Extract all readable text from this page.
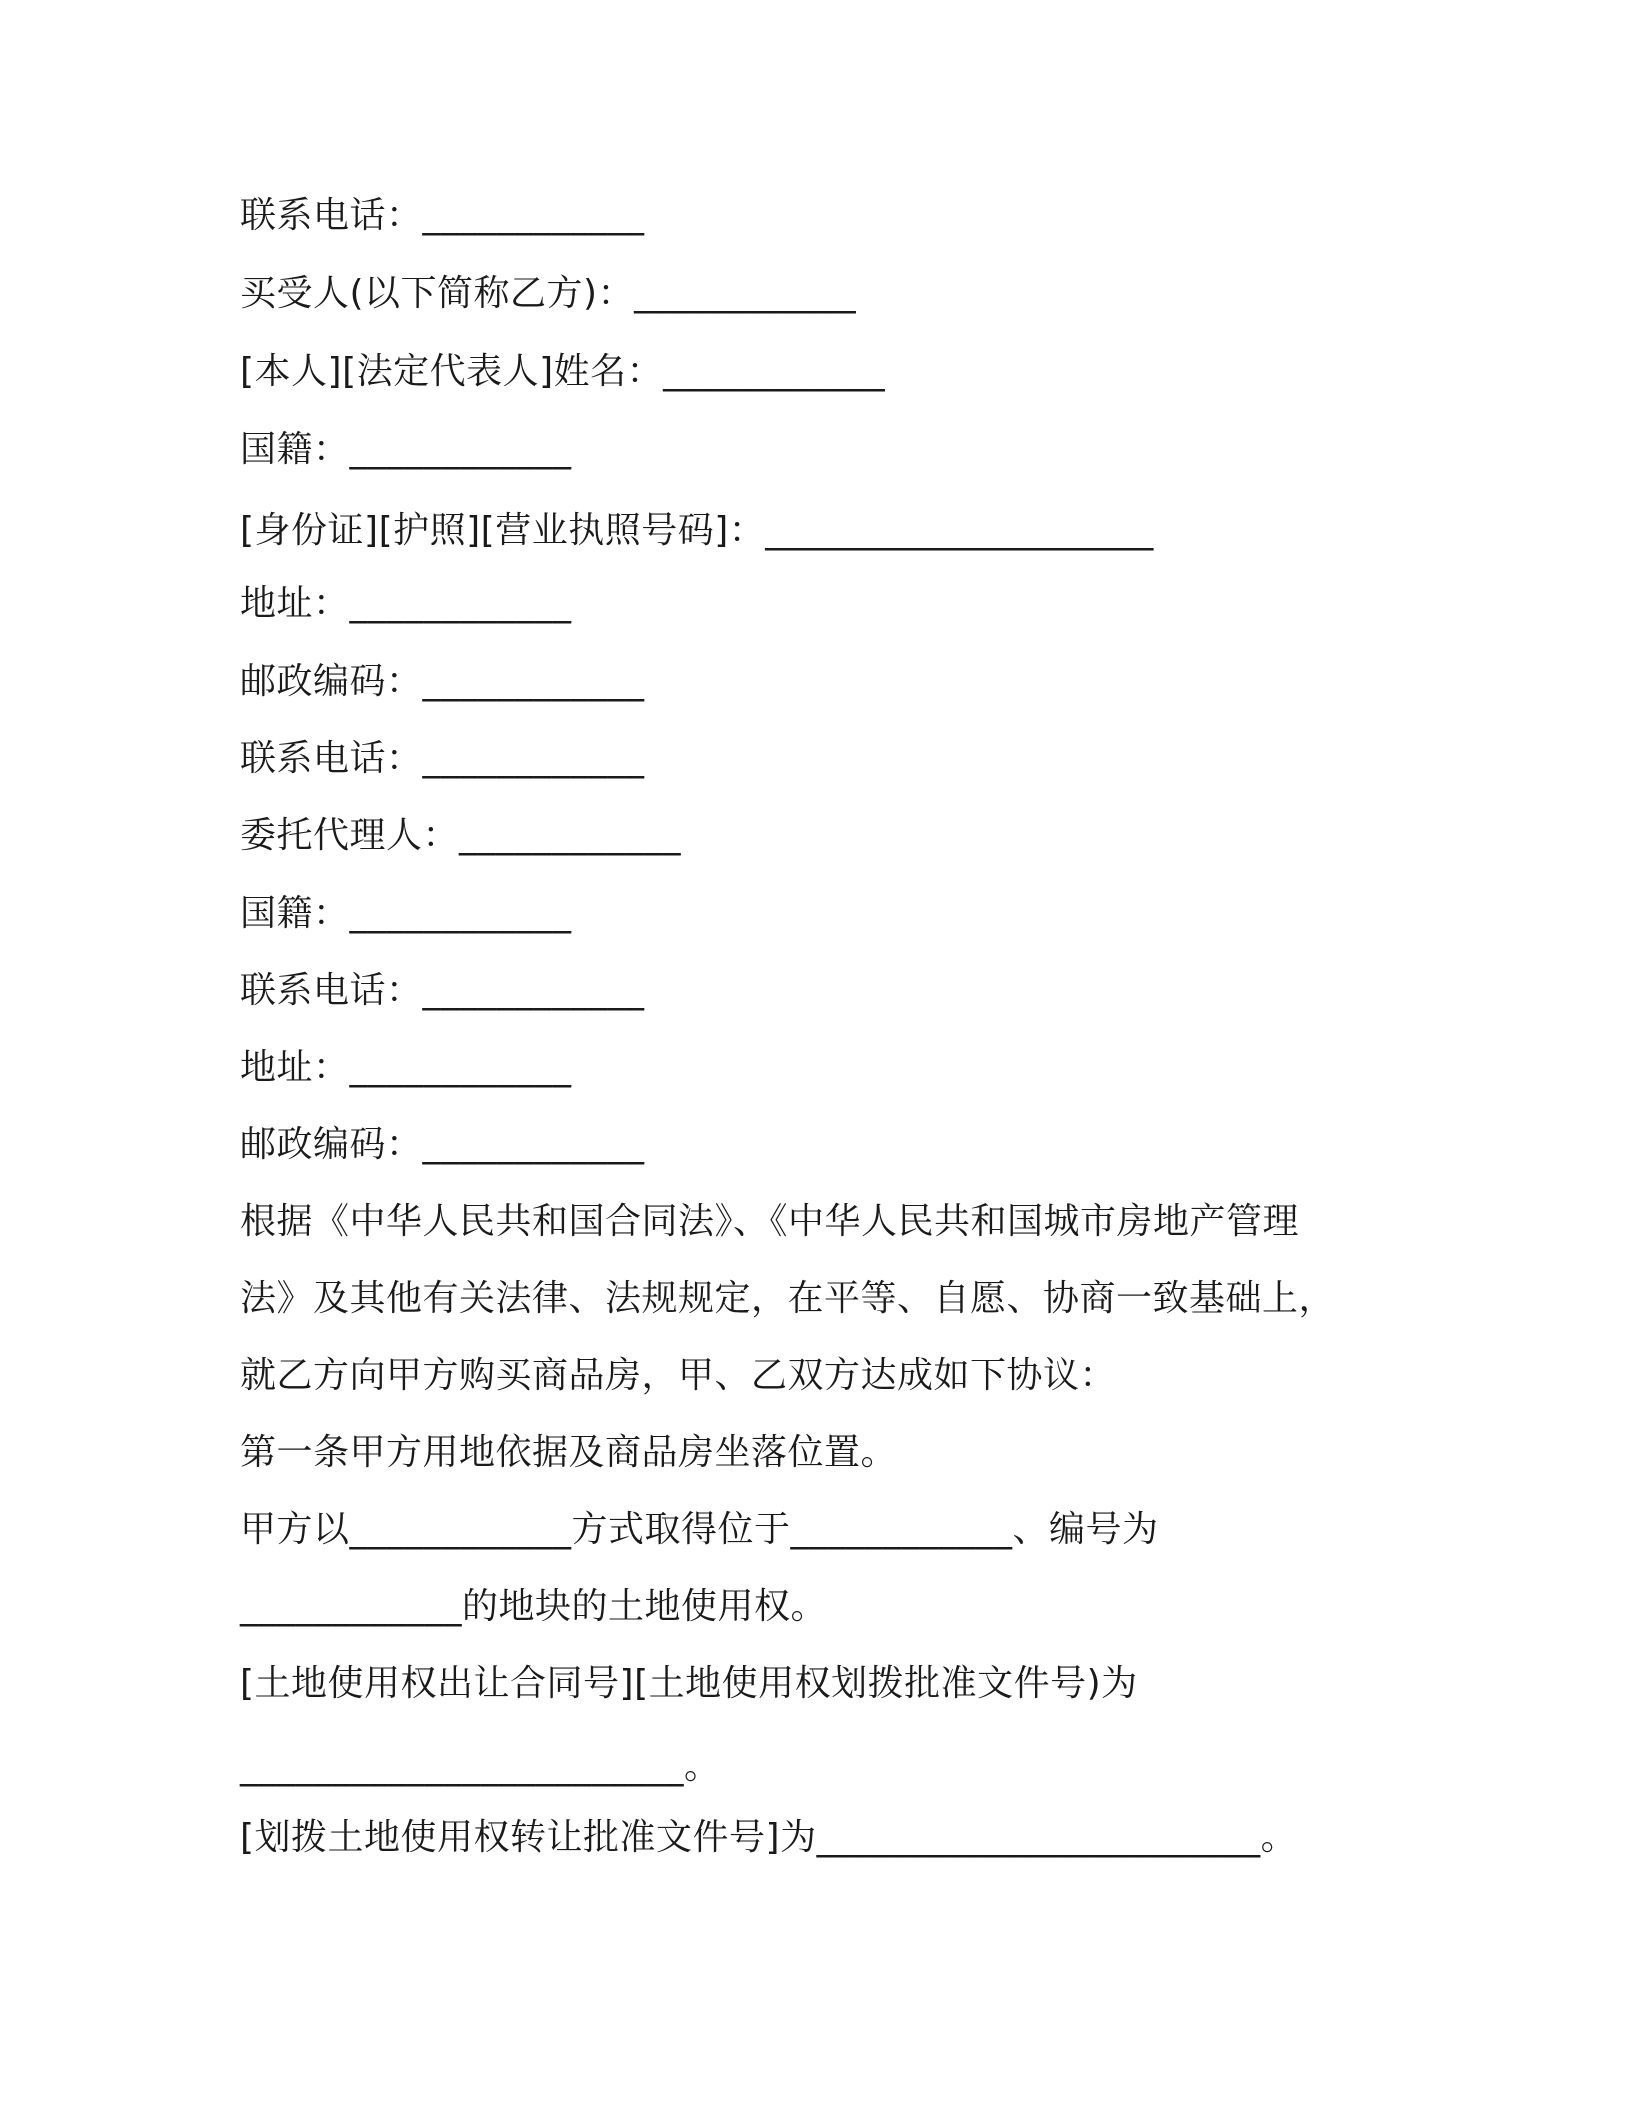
联系电话：____________
买受人(以下简称乙方)：____________
[本人][法定代表人]姓名：____________
国籍：____________
[身份证][护照][营业执照号码]：_____________________
地址：____________
邮政编码：____________
联系电话：____________
委托代理人：____________
国籍：____________
联系电话：____________
地址：____________
邮政编码：____________
根据《中华人民共和国合同法》、《中华人民共和国城市房地产管理
法》及其他有关法律、法规规定，在平等、自愿、协商一致基础上，
就乙方向甲方购买商品房，甲、乙双方达成如下协议：
第一条甲方用地依据及商品房坐落位置。
甲方以____________方式取得位于____________、编号为
____________的地块的土地使用权。
[土地使用权出让合同号][土地使用权划拨批准文件号)为
________________________。
[划拨土地使用权转让批准文件号]为________________________。
